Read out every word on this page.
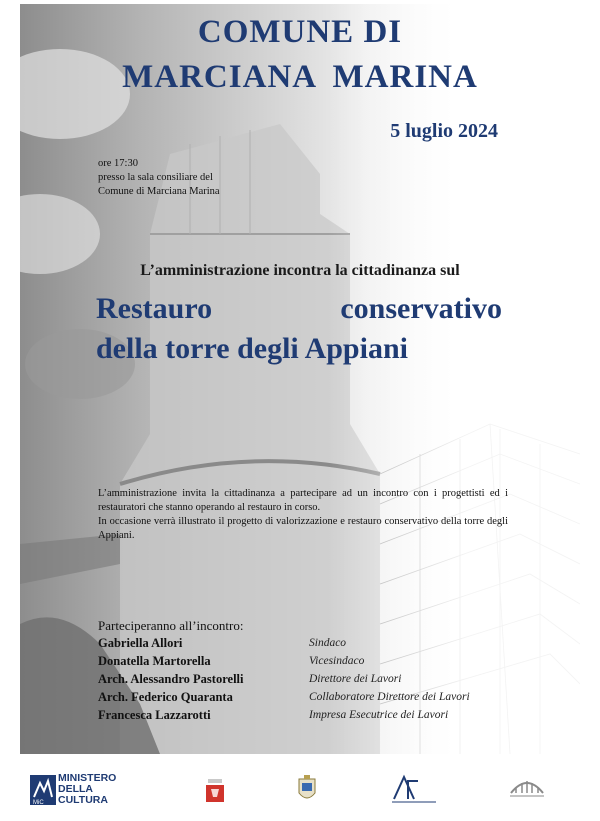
COMUNE DI
MARCIANA MARINA
5 luglio 2024
ore 17:30
presso la sala consiliare del
Comune di Marciana Marina
L’amministrazione incontra la cittadinanza sul
Restauro	conservativo
della torre degli Appiani

L’amministrazione invita la cittadinanza a partecipare ad un incontro con i progettisti ed i restauratori che stanno operando al restauro in corso.

In occasione verrà illustrato il progetto di valorizzazione e restauro conservativo della torre degli Appiani.

Parteciperanno all’incontro:
Gabriella Allori	Sindaco
Donatella Martorella	Vicesindaco
Arch. Alessandro Pastorelli	Direttore dei Lavori
Arch. Federico Quaranta	Collaboratore Direttore dei Lavori
Francesca Lazzarotti	Impresa Esecutrice dei Lavori
MiC
MINISTERO
DELLA
CULTURA
